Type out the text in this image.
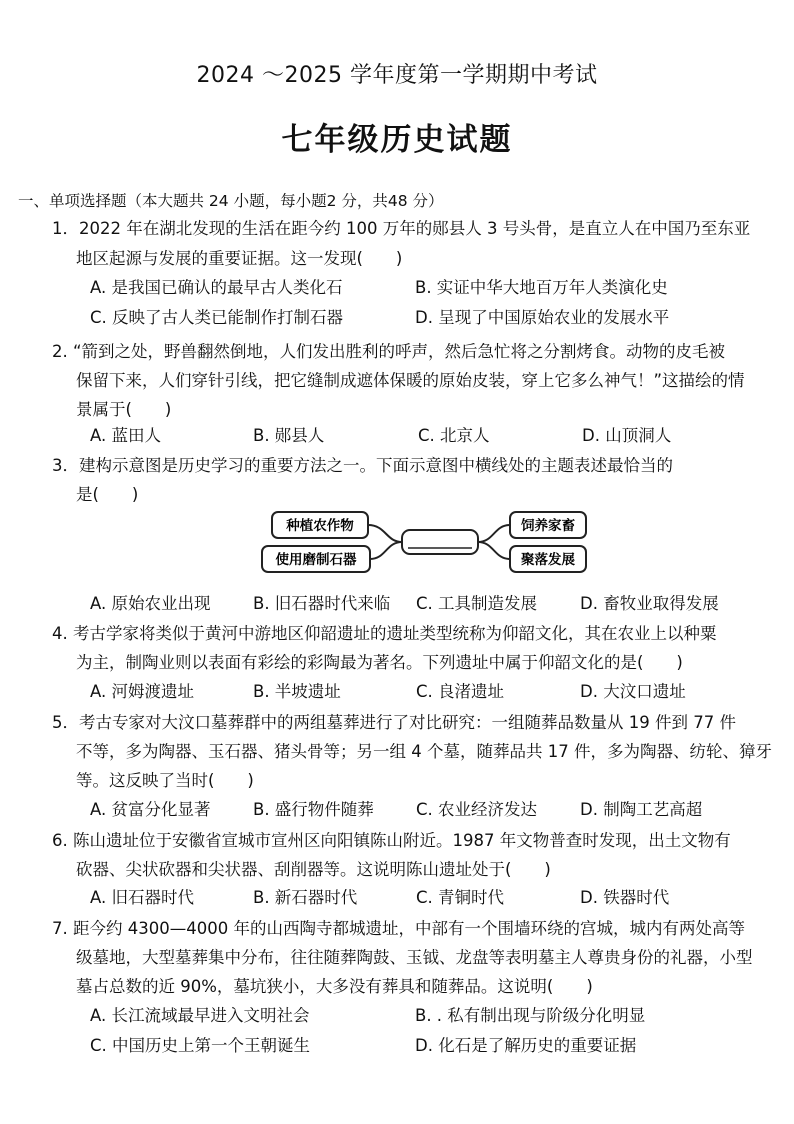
2024 ～2025 学年度第一学期期中考试
七年级历史试题
一、单项选择题（本大题共 24 小题，每小题2 分，共48 分）
1．2022 年在湖北发现的生活在距今约 100 万年的郧县人 3 号头骨，是直立人在中国乃至东亚
地区起源与发展的重要证据。这一发现(　　)
A. 是我国已确认的最早古人类化石	B. 实证中华大地百万年人类演化史
C. 反映了古人类已能制作打制石器	D. 呈现了中国原始农业的发展水平
2. “箭到之处，野兽翻然倒地，人们发出胜利的呼声，然后急忙将之分割烤食。动物的皮毛被
保留下来，人们穿针引线，把它缝制成遮体保暖的原始皮装，穿上它多么神气！”这描绘的情
景属于(　　)
A. 蓝田人	B. 郧县人	C. 北京人	D. 山顶洞人
3．建构示意图是历史学习的重要方法之一。下面示意图中横线处的主题表述最恰当的
是(　　)
种植农作物
使用磨制石器
饲养家畜
聚落发展
A. 原始农业出现	B. 旧石器时代来临 C. 工具制造发展	D. 畜牧业取得发展
4. 考古学家将类似于黄河中游地区仰韶遗址的遗址类型统称为仰韶文化，其在农业上以种粟
为主，制陶业则以表面有彩绘的彩陶最为著名。下列遗址中属于仰韶文化的是(　　)
A. 河姆渡遗址	B. 半坡遗址	C. 良渚遗址	D. 大汶口遗址
5．考古专家对大汶口墓葬群中的两组墓葬进行了对比研究：一组随葬品数量从 19 件到 77 件
不等，多为陶器、玉石器、猪头骨等；另一组 4 个墓，随葬品共 17 件，多为陶器、纺轮、獐牙
等。这反映了当时(　　)
A. 贫富分化显著	B. 盛行物件随葬	C. 农业经济发达	D. 制陶工艺高超
6. 陈山遗址位于安徽省宣城市宣州区向阳镇陈山附近。1987 年文物普查时发现，出土文物有
砍器、尖状砍器和尖状器、刮削器等。这说明陈山遗址处于(　　)
A. 旧石器时代	B. 新石器时代	C. 青铜时代	D. 铁器时代
7. 距今约 4300—4000 年的山西陶寺都城遗址，中部有一个围墙环绕的宫城，城内有两处高等
级墓地，大型墓葬集中分布，往往随葬陶鼓、玉钺、龙盘等表明墓主人尊贵身份的礼器，小型
墓占总数的近 90%，墓坑狭小，大多没有葬具和随葬品。这说明(　　)
A. 长江流域最早进入文明社会	B. . 私有制出现与阶级分化明显
C. 中国历史上第一个王朝诞生	D. 化石是了解历史的重要证据
